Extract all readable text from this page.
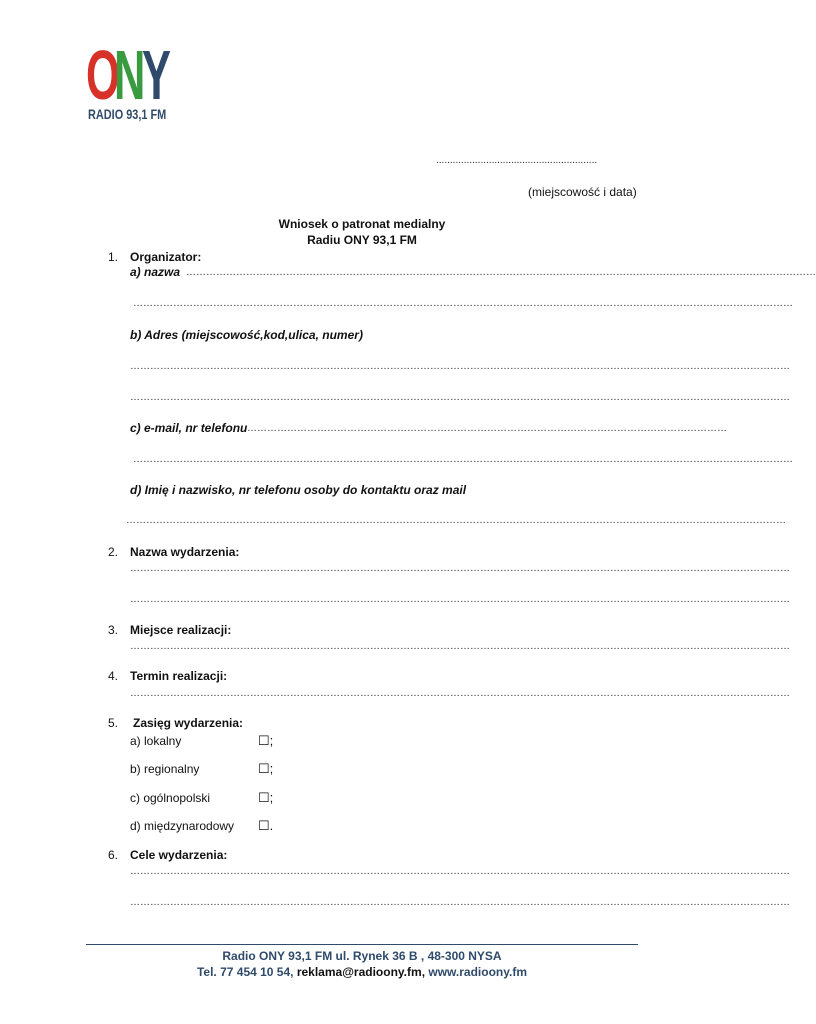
O
N
Y
RADIO 93,1 FM
..........................................................
(miejscowość i data)
Wniosek o patronat medialny
Radiu ONY 93,1 FM
1. Organizator:
a) nazwa ………………………………………………………………………………………………………………………………………………………………………
………………………………………………………………………………………………………………………………………………………………………………
b) Adres (miejscowość,kod,ulica, numer)
………………………………………………………………………………………………………………………………………………………………………………
………………………………………………………………………………………………………………………………………………………………………………
c) e-mail, nr telefonu ………………………………………………………………………………………………………………………………
………………………………………………………………………………………………………………………………………………………………………………
d) Imię i nazwisko, nr telefonu osoby do kontaktu oraz mail
………………………………………………………………………………………………………………………………………………………………………………
2. Nazwa wydarzenia:
………………………………………………………………………………………………………………………………………………………………………………
………………………………………………………………………………………………………………………………………………………………………………
3. Miejsce realizacji:
………………………………………………………………………………………………………………………………………………………………………………
4. Termin realizacji:
………………………………………………………………………………………………………………………………………………………………………………
5. Zasięg wydarzenia:
a) lokalny	☐;
b) regionalny	☐;
c) ogólnopolski	☐;
d) międzynarodowy ☐.
6. Cele wydarzenia:
………………………………………………………………………………………………………………………………………………………………………………
………………………………………………………………………………………………………………………………………………………………………………
Radio ONY 93,1 FM ul. Rynek 36 B , 48-300 NYSA
Tel. 77 454 10 54, reklama@radioony.fm, www.radioony.fm
